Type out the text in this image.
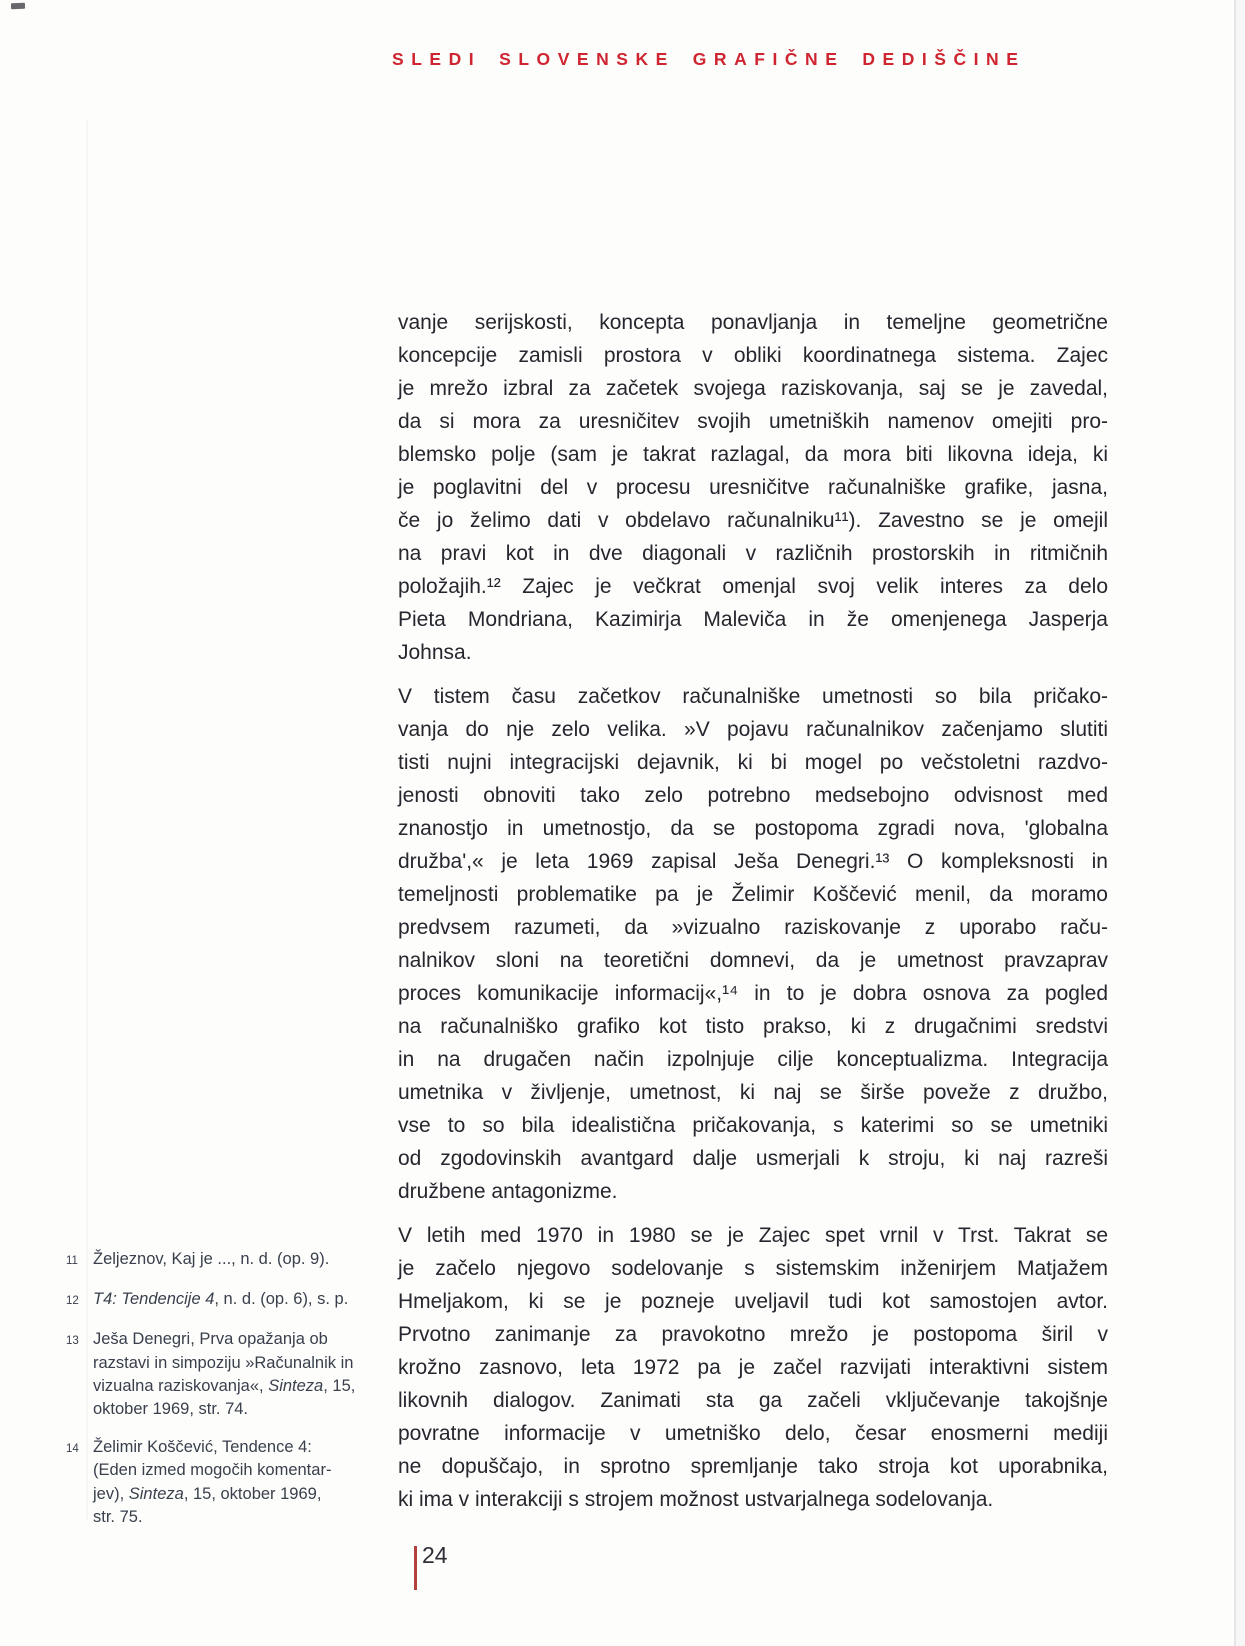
SLEDI SLOVENSKE GRAFIČNE DEDIŠČINE
vanje serijskosti, koncepta ponavljanja in temeljne geometrične
koncepcije zamisli prostora v obliki koordinatnega sistema. Zajec
je mrežo izbral za začetek svojega raziskovanja, saj se je zavedal,
da si mora za uresničitev svojih umetniških namenov omejiti pro-
blemsko polje (sam je takrat razlagal, da mora biti likovna ideja, ki
je poglavitni del v procesu uresničitve računalniške grafike, jasna,
če jo želimo dati v obdelavo računalniku¹¹). Zavestno se je omejil
na pravi kot in dve diagonali v različnih prostorskih in ritmičnih
položajih.¹² Zajec je večkrat omenjal svoj velik interes za delo
Pieta Mondriana, Kazimirja Maleviča in že omenjenega Jasperja
Johnsa.
V tistem času začetkov računalniške umetnosti so bila pričako-
vanja do nje zelo velika. »V pojavu računalnikov začenjamo slutiti
tisti nujni integracijski dejavnik, ki bi mogel po večstoletni razdvo-
jenosti obnoviti tako zelo potrebno medsebojno odvisnost med
znanostjo in umetnostjo, da se postopoma zgradi nova, 'globalna
družba',« je leta 1969 zapisal Ješa Denegri.¹³ O kompleksnosti in
temeljnosti problematike pa je Želimir Koščević menil, da moramo
predvsem razumeti, da »vizualno raziskovanje z uporabo raču-
nalnikov sloni na teoretični domnevi, da je umetnost pravzaprav
proces komunikacije informacij«,¹⁴ in to je dobra osnova za pogled
na računalniško grafiko kot tisto prakso, ki z drugačnimi sredstvi
in na drugačen način izpolnjuje cilje konceptualizma. Integracija
umetnika v življenje, umetnost, ki naj se širše poveže z družbo,
vse to so bila idealistična pričakovanja, s katerimi so se umetniki
od zgodovinskih avantgard dalje usmerjali k stroju, ki naj razreši
družbene antagonizme.
V letih med 1970 in 1980 se je Zajec spet vrnil v Trst. Takrat se
je začelo njegovo sodelovanje s sistemskim inženirjem Matjažem
Hmeljakom, ki se je pozneje uveljavil tudi kot samostojen avtor.
Prvotno zanimanje za pravokotno mrežo je postopoma širil v
krožno zasnovo, leta 1972 pa je začel razvijati interaktivni sistem
likovnih dialogov. Zanimati sta ga začeli vključevanje takojšnje
povratne informacije v umetniško delo, česar enosmerni mediji
ne dopuščajo, in sprotno spremljanje tako stroja kot uporabnika,
ki ima v interakciji s strojem možnost ustvarjalnega sodelovanja.
11 Željeznov, Kaj je ..., n. d. (op. 9).
12 T4: Tendencije 4, n. d. (op. 6), s. p.
13 Ješa Denegri, Prva opažanja ob
razstavi in simpoziju »Računalnik in
vizualna raziskovanja«, Sinteza, 15,
oktober 1969, str. 74.
14 Želimir Koščević, Tendence 4:
(Eden izmed mogočih komentar-
jev), Sinteza, 15, oktober 1969,
str. 75.
24
